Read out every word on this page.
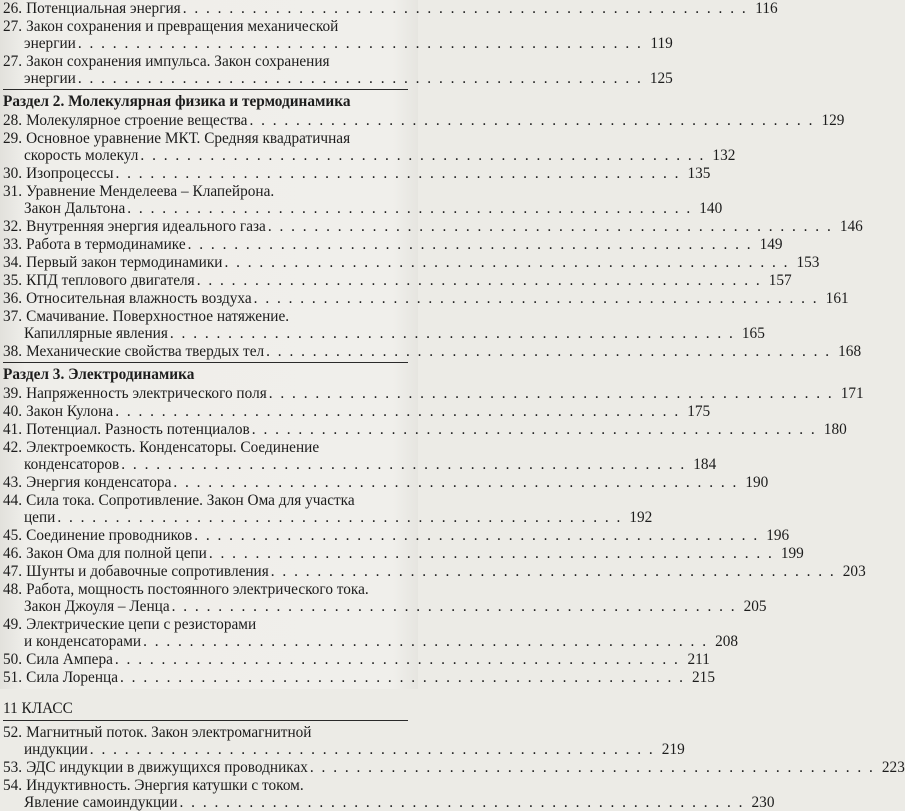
26. Потенциальная энергия . . . . . . . . . . . . . . . . . . . . . . . . . . . . . . . . . . . . . . . . . . . . . . . . . 116
27. Закон сохранения и превращения механической
энергии . . . . . . . . . . . . . . . . . . . . . . . . . . . . . . . . . . . . . . . . . . . . . . . . . 119
27. Закон сохранения импульса. Закон сохранения
энергии . . . . . . . . . . . . . . . . . . . . . . . . . . . . . . . . . . . . . . . . . . . . . . . . . 125
Раздел 2. Молекулярная физика и термодинамика
28. Молекулярное строение вещества . . . . . . . . . . . . . . . . . . . . . . . . . . . . . . . . . . . . . . . . . . . . . . . . . 129
29. Основное уравнение МКТ. Средняя квадратичная
скорость молекул . . . . . . . . . . . . . . . . . . . . . . . . . . . . . . . . . . . . . . . . . . . . . . . . . 132
30. Изопроцессы . . . . . . . . . . . . . . . . . . . . . . . . . . . . . . . . . . . . . . . . . . . . . . . . . 135
31. Уравнение Менделеева – Клапейрона.
Закон Дальтона . . . . . . . . . . . . . . . . . . . . . . . . . . . . . . . . . . . . . . . . . . . . . . . . . 140
32. Внутренняя энергия идеального газа . . . . . . . . . . . . . . . . . . . . . . . . . . . . . . . . . . . . . . . . . . . . . . . . . 146
33. Работа в термодинамике . . . . . . . . . . . . . . . . . . . . . . . . . . . . . . . . . . . . . . . . . . . . . . . . . 149
34. Первый закон термодинамики . . . . . . . . . . . . . . . . . . . . . . . . . . . . . . . . . . . . . . . . . . . . . . . . . 153
35. КПД теплового двигателя . . . . . . . . . . . . . . . . . . . . . . . . . . . . . . . . . . . . . . . . . . . . . . . . . 157
36. Относительная влажность воздуха . . . . . . . . . . . . . . . . . . . . . . . . . . . . . . . . . . . . . . . . . . . . . . . . . 161
37. Смачивание. Поверхностное натяжение.
Капиллярные явления . . . . . . . . . . . . . . . . . . . . . . . . . . . . . . . . . . . . . . . . . . . . . . . . . 165
38. Механические свойства твердых тел . . . . . . . . . . . . . . . . . . . . . . . . . . . . . . . . . . . . . . . . . . . . . . . . . 168
Раздел 3. Электродинамика
39. Напряженность электрического поля . . . . . . . . . . . . . . . . . . . . . . . . . . . . . . . . . . . . . . . . . . . . . . . . . 171
40. Закон Кулона . . . . . . . . . . . . . . . . . . . . . . . . . . . . . . . . . . . . . . . . . . . . . . . . . 175
41. Потенциал. Разность потенциалов . . . . . . . . . . . . . . . . . . . . . . . . . . . . . . . . . . . . . . . . . . . . . . . . . 180
42. Электроемкость. Конденсаторы. Соединение
конденсаторов . . . . . . . . . . . . . . . . . . . . . . . . . . . . . . . . . . . . . . . . . . . . . . . . . 184
43. Энергия конденсатора . . . . . . . . . . . . . . . . . . . . . . . . . . . . . . . . . . . . . . . . . . . . . . . . . 190
44. Сила тока. Сопротивление. Закон Ома для участка
цепи . . . . . . . . . . . . . . . . . . . . . . . . . . . . . . . . . . . . . . . . . . . . . . . . . 192
45. Соединение проводников . . . . . . . . . . . . . . . . . . . . . . . . . . . . . . . . . . . . . . . . . . . . . . . . . 196
46. Закон Ома для полной цепи . . . . . . . . . . . . . . . . . . . . . . . . . . . . . . . . . . . . . . . . . . . . . . . . . 199
47. Шунты и добавочные сопротивления . . . . . . . . . . . . . . . . . . . . . . . . . . . . . . . . . . . . . . . . . . . . . . . . . 203
48. Работа, мощность постоянного электрического тока.
Закон Джоуля – Ленца . . . . . . . . . . . . . . . . . . . . . . . . . . . . . . . . . . . . . . . . . . . . . . . . . 205
49. Электрические цепи с резисторами
и конденсаторами . . . . . . . . . . . . . . . . . . . . . . . . . . . . . . . . . . . . . . . . . . . . . . . . . 208
50. Сила Ампера . . . . . . . . . . . . . . . . . . . . . . . . . . . . . . . . . . . . . . . . . . . . . . . . . 211
51. Сила Лоренца . . . . . . . . . . . . . . . . . . . . . . . . . . . . . . . . . . . . . . . . . . . . . . . . . 215
11 КЛАСС
52. Магнитный поток. Закон электромагнитной
индукции . . . . . . . . . . . . . . . . . . . . . . . . . . . . . . . . . . . . . . . . . . . . . . . . . 219
53. ЭДС индукции в движущихся проводниках . . . . . . . . . . . . . . . . . . . . . . . . . . . . . . . . . . . . . . . . . . . . . . . . . 223
54. Индуктивность. Энергия катушки с током.
Явление самоиндукции . . . . . . . . . . . . . . . . . . . . . . . . . . . . . . . . . . . . . . . . . . . . . . . . . 230
